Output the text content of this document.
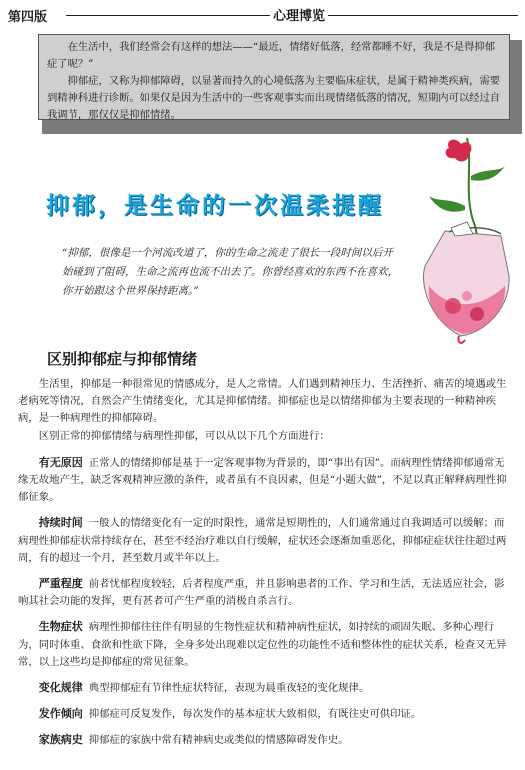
第四版	心理博览

在生活中，我们经常会有这样的想法——“最近，情绪好低落，经常都睡不好，我是不是得抑郁症了呢？”

抑郁症，又称为抑郁障碍，以显著而持久的心境低落为主要临床症状，是属于精神类疾病，需要到精神科进行诊断。如果仅是因为生活中的一些客观事实而出现情绪低落的情况，短期内可以经过自我调节，那仅仅是抑郁情绪。

抑郁，是生命的一次温柔提醒
“抑郁，很像是一个河流改道了，你的生命之流走了很长一段时间以后开始碰到了阻碍，生命之流再也流不出去了。你曾经喜欢的东西不在喜欢，你开始跟这个世界保持距离。”
区别抑郁症与抑郁情绪

生活里，抑郁是一种很常见的情感成分，是人之常情。人们遇到精神压力、生活挫折、痛苦的境遇或生老病死等情况，自然会产生情绪变化，尤其是抑郁情绪。抑郁症也是以情绪抑郁为主要表现的一种精神疾病，是一种病理性的抑郁障碍。

区别正常的抑郁情绪与病理性抑郁，可以从以下几个方面进行：

有无原因 正常人的情绪抑郁是基于一定客观事物为背景的，即“事出有因”。而病理性情绪抑郁通常无缘无故地产生，缺乏客观精神应激的条件，或者虽有不良因素，但是“小题大做”，不足以真正解释病理性抑郁征象。

持续时间 一般人的情绪变化有一定的时限性，通常是短期性的，人们通常通过自我调适可以缓解；而病理性抑郁症状常持续存在，甚至不经治疗难以自行缓解，症状还会逐渐加重恶化，抑郁症症状往往超过两周，有的超过一个月，甚至数月或半年以上。

严重程度 前者忧郁程度较轻，后者程度严重，并且影响患者的工作、学习和生活，无法适应社会，影响其社会功能的发挥，更有甚者可产生严重的消极自杀言行。

生物症状 病理性抑郁往往伴有明显的生物性症状和精神病性症状，如持续的顽固失眠、多种心理行为，同时体重、食欲和性欲下降，全身多处出现难以定位性的功能性不适和整体性的症状关系，检查又无异常，以上这些均是抑郁症的常见征象。

变化规律 典型抑郁症有节律性症状特征，表现为晨重夜轻的变化规律。

发作倾向 抑郁症可反复发作，每次发作的基本症状大致相似，有既往史可供印证。

家族病史 抑郁症的家族中常有精神病史或类似的情感障碍发作史。
